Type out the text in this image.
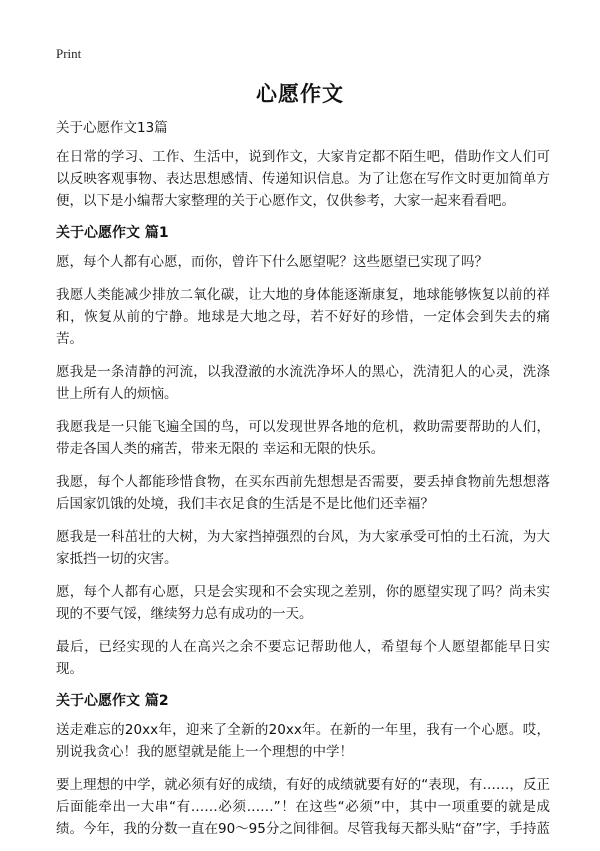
Print
心愿作文

关于心愿作文13篇

在日常的学习、工作、生活中，说到作文，大家肯定都不陌生吧，借助作文人们可以反映客观事物、表达思想感情、传递知识信息。为了让您在写作文时更加简单方便，以下是小编帮大家整理的关于心愿作文，仅供参考，大家一起来看看吧。

关于心愿作文 篇1

愿，每个人都有心愿，而你，曾许下什么愿望呢？这些愿望已实现了吗？

我愿人类能减少排放二氧化碳，让大地的身体能逐渐康复，地球能够恢复以前的祥和，恢复从前的宁静。地球是大地之母，若不好好的珍惜，一定体会到失去的痛苦。

愿我是一条清静的河流，以我澄澈的水流洗净坏人的黑心，洗清犯人的心灵，洗涤世上所有人的烦恼。

我愿我是一只能飞遍全国的鸟，可以发现世界各地的危机，救助需要帮助的人们，带走各国人类的痛苦，带来无限的 幸运和无限的快乐。

我愿，每个人都能珍惜食物，在买东西前先想想是否需要，要丢掉食物前先想想落后国家饥饿的处境，我们丰衣足食的生活是不是比他们还幸福？

愿我是一科茁壮的大树，为大家挡掉强烈的台风，为大家承受可怕的土石流，为大家抵挡一切的灾害。

愿，每个人都有心愿，只是会实现和不会实现之差别，你的愿望实现了吗？尚未实现的不要气馁，继续努力总有成功的一天。

最后，已经实现的人在高兴之余不要忘记帮助他人，希望每个人愿望都能早日实现。

关于心愿作文 篇2

送走难忘的20xx年，迎来了全新的20xx年。在新的一年里，我有一个心愿。哎，别说我贪心！我的愿望就是能上一个理想的中学！

要上理想的中学，就必须有好的成绩，有好的成绩就要有好的“表现，有……，反正后面能牵出一大串“有……必须……”！在这些“必须”中，其中一项重要的就是成绩。今年，我的分数一直在90～95分之间徘徊。尽管我每天都头贴“奋”字，手持蓝
